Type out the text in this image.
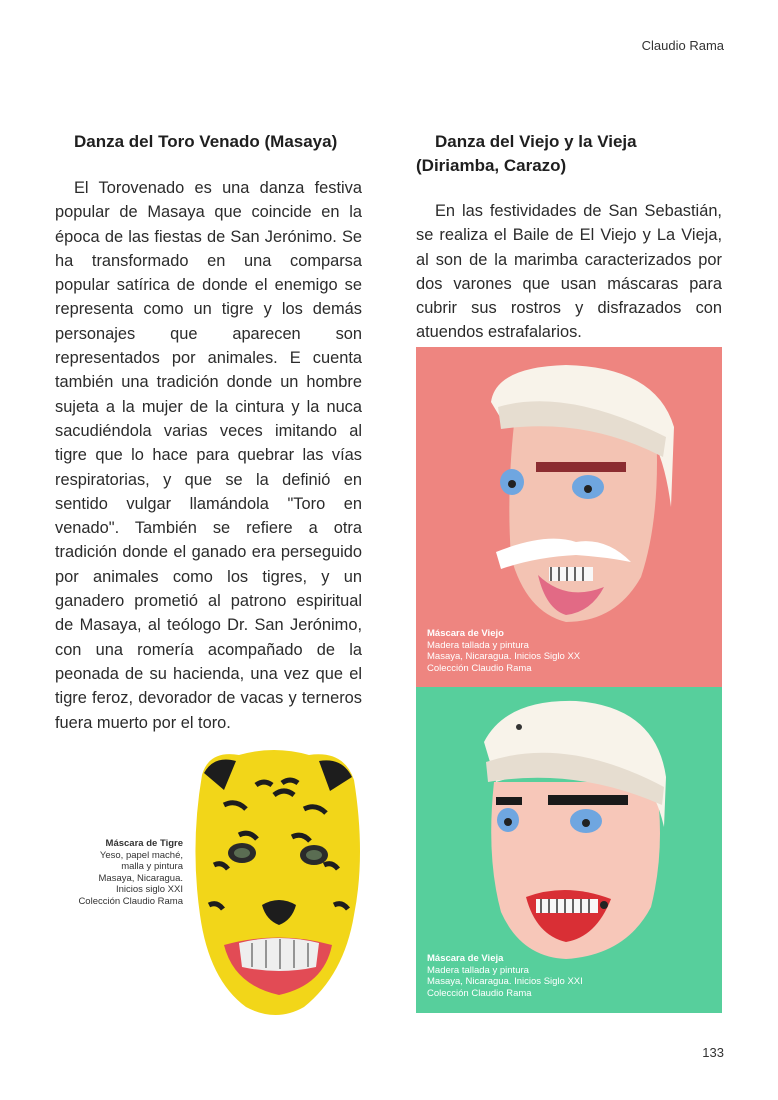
Claudio Rama
Danza del Toro Venado (Masaya)

El Torovenado es una danza festiva popular de Masaya que coincide en la época de las fiestas de San Jerónimo. Se ha transformado en una comparsa popular satírica de donde el enemigo se representa como un tigre y los demás personajes que aparecen son representados por animales. E cuenta también una tradición donde un hombre sujeta a la mujer de la cintura y la nuca sacudiéndola varias veces imitando al tigre que lo hace para quebrar las vías respiratorias, y que se la definió en sentido vulgar llamándola "Toro en venado". También se refiere a otra tradición donde el ganado era perseguido por animales como los tigres, y un ganadero prometió al patrono espiritual de Masaya, al teólogo Dr. San Jerónimo, con una romería acompañado de la peonada de su hacienda, una vez que el tigre feroz, devorador de vacas y terneros fuera muerto por el toro.

Danza del Viejo y la Vieja (Diriamba, Carazo)

En las festividades de San Sebastián, se realiza el Baile de El Viejo y La Vieja, al son de la marimba caracterizados por dos varones que usan máscaras para cubrir sus rostros y disfrazados con atuendos estrafalarios.

Máscara de Viejo
Madera tallada y pintura
Masaya, Nicaragua. Inicios Siglo XX
Colección Claudio Rama
Máscara de Vieja
Madera tallada y pintura
Masaya, Nicaragua. Inicios Siglo XXI
Colección Claudio Rama
Máscara de Tigre
Yeso, papel maché,
malla y pintura
Masaya, Nicaragua.
Inicios siglo XXI
Colección Claudio Rama
133
